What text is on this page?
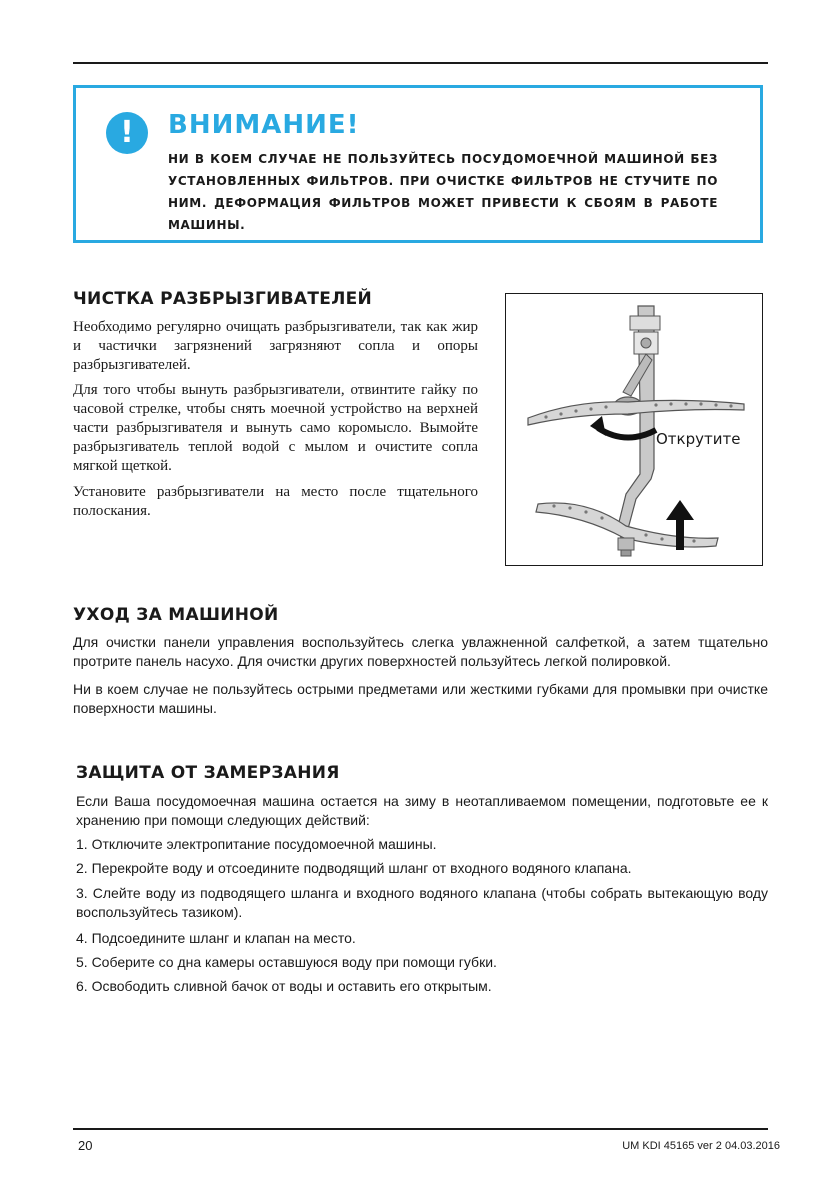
!	ВНИМАНИЕ!

НИ В КОЕМ СЛУЧАЕ НЕ ПОЛЬЗУЙТЕСЬ ПОСУДОМОЕЧНОЙ МАШИНОЙ БЕЗ УСТАНОВЛЕННЫХ ФИЛЬТРОВ. ПРИ ОЧИСТКЕ ФИЛЬТРОВ НЕ СТУЧИТЕ ПО НИМ. ДЕФОРМАЦИЯ ФИЛЬТРОВ МОЖЕТ ПРИВЕСТИ К СБОЯМ В РАБОТЕ МАШИНЫ.

ЧИСТКА РАЗБРЫЗГИВАТЕЛЕЙ

Необходимо регулярно очищать разбрызгиватели, так как жир и частички загрязнений загрязняют сопла и опоры разбрызгивателей.

Для того чтобы вынуть разбрызгиватели, отвинтите гайку по часовой стрелке, чтобы снять моечной устройство на верхней части разбрызгивателя и вынуть само коромысло. Вымойте разбрызгиватель теплой водой с мылом и очистите сопла мягкой щеткой.

Установите разбрызгиватели на место после тщательного полоскания.

Открутите

УХОД ЗА МАШИНОЙ

Для очистки панели управления воспользуйтесь слегка увлажненной салфеткой, а затем тщательно протрите панель насухо. Для очистки других поверхностей пользуйтесь легкой полировкой.

Ни в коем случае не пользуйтесь острыми предметами или жесткими губками для промывки при очистке поверхности машины.

ЗАЩИТА ОТ ЗАМЕРЗАНИЯ

Если Ваша посудомоечная машина остается на зиму в неотапливаемом помещении, подготовьте ее к хранению при помощи следующих действий:

1. Отключите электропитание посудомоечной машины.

2. Перекройте воду и отсоедините подводящий шланг от входного водяного клапана.

3. Слейте воду из подводящего шланга и входного водяного клапана (чтобы собрать вытекающую воду воспользуйтесь тазиком).

4. Подсоедините шланг и клапан на место.

5. Соберите со дна камеры оставшуюся воду при помощи губки.

6. Освободить сливной бачок от воды и оставить его открытым.

20	UM KDI 45165 ver 2 04.03.2016
